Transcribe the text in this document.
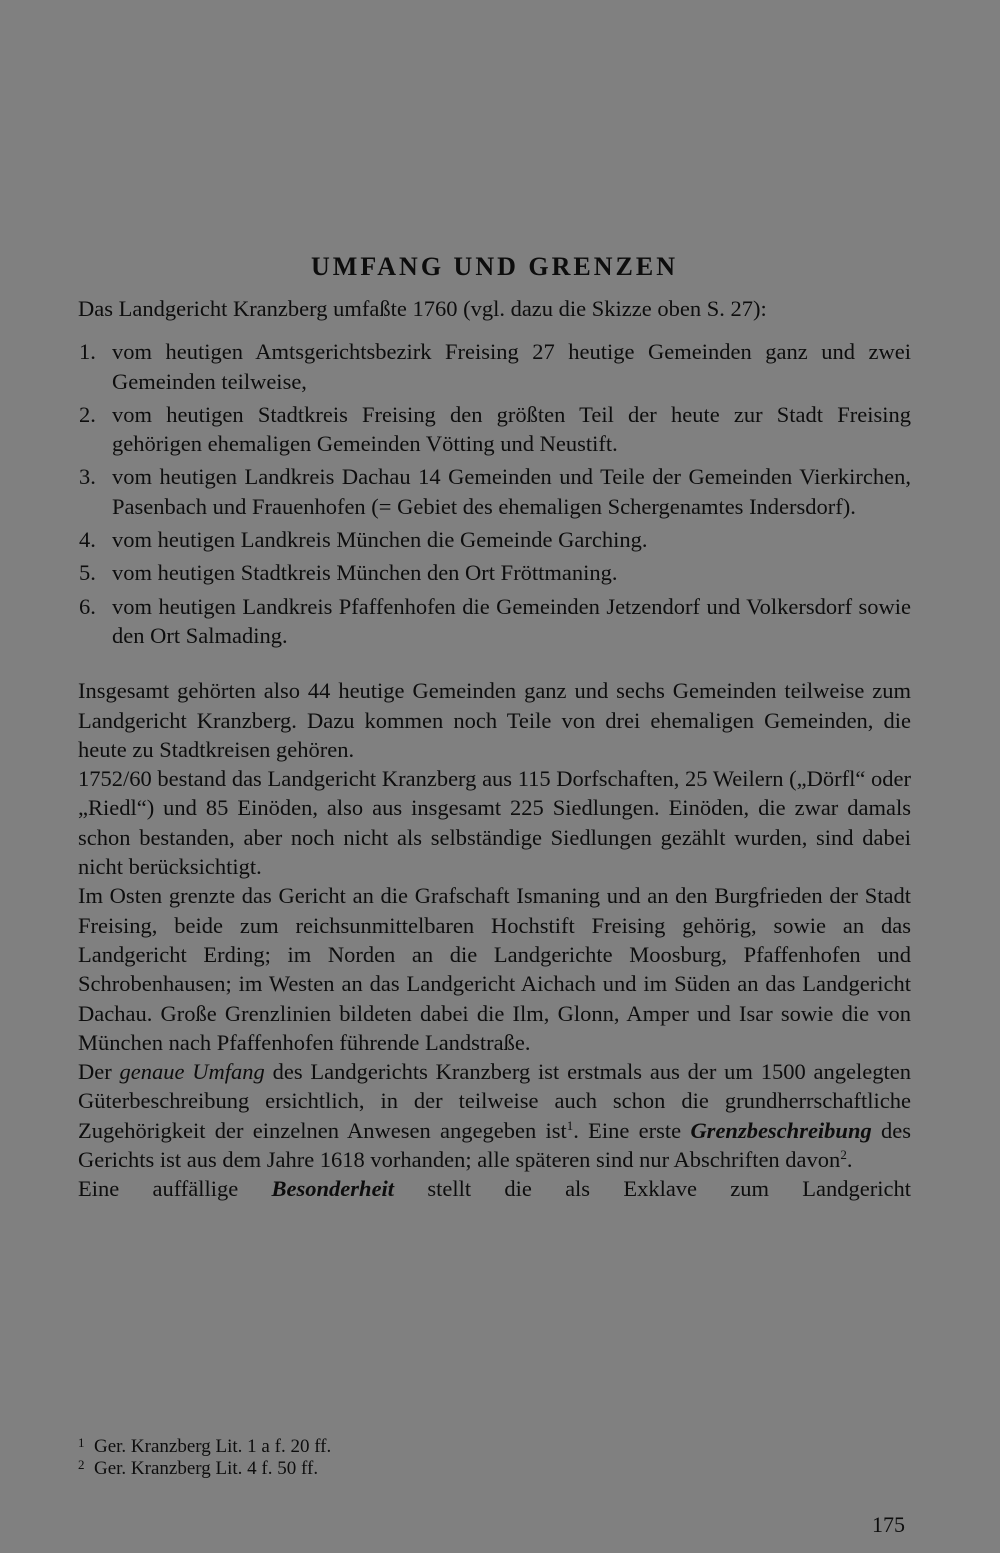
UMFANG UND GRENZEN

Das Landgericht Kranzberg umfaßte 1760 (vgl. dazu die Skizze oben S. 27):

1. vom heutigen Amtsgerichtsbezirk Freising 27 heutige Gemeinden ganz und zwei Gemeinden teilweise,
2. vom heutigen Stadtkreis Freising den größten Teil der heute zur Stadt Freising gehörigen ehemaligen Gemeinden Vötting und Neustift.
3. vom heutigen Landkreis Dachau 14 Gemeinden und Teile der Gemeinden Vierkirchen, Pasenbach und Frauenhofen (= Gebiet des ehemaligen Schergenamtes Indersdorf).
4. vom heutigen Landkreis München die Gemeinde Garching.
5. vom heutigen Stadtkreis München den Ort Fröttmaning.
6. vom heutigen Landkreis Pfaffenhofen die Gemeinden Jetzendorf und Volkersdorf sowie den Ort Salmading.

Insgesamt gehörten also 44 heutige Gemeinden ganz und sechs Gemeinden teilweise zum Landgericht Kranzberg. Dazu kommen noch Teile von drei ehemaligen Gemeinden, die heute zu Stadtkreisen gehören.

1752/60 bestand das Landgericht Kranzberg aus 115 Dorfschaften, 25 Weilern („Dörfl“ oder „Riedl“) und 85 Einöden, also aus insgesamt 225 Siedlungen. Einöden, die zwar damals schon bestanden, aber noch nicht als selbständige Siedlungen gezählt wurden, sind dabei nicht berücksichtigt.

Im Osten grenzte das Gericht an die Grafschaft Ismaning und an den Burgfrieden der Stadt Freising, beide zum reichsunmittelbaren Hochstift Freising gehörig, sowie an das Landgericht Erding; im Norden an die Landgerichte Moosburg, Pfaffenhofen und Schrobenhausen; im Westen an das Landgericht Aichach und im Süden an das Landgericht Dachau. Große Grenzlinien bildeten dabei die Ilm, Glonn, Amper und Isar sowie die von München nach Pfaffenhofen führende Landstraße.

Der genaue Umfang des Landgerichts Kranzberg ist erstmals aus der um 1500 angelegten Güterbeschreibung ersichtlich, in der teilweise auch schon die grundherrschaftliche Zugehörigkeit der einzelnen Anwesen angegeben ist$^1$. Eine erste Grenzbeschreibung des Gerichts ist aus dem Jahre 1618 vorhanden; alle späteren sind nur Abschriften davon$^2$.

Eine auffällige Besonderheit stellt die als Exklave zum Landgericht

1 Ger. Kranzberg Lit. 1 a f. 20 ff.
2 Ger. Kranzberg Lit. 4 f. 50 ff.
175
